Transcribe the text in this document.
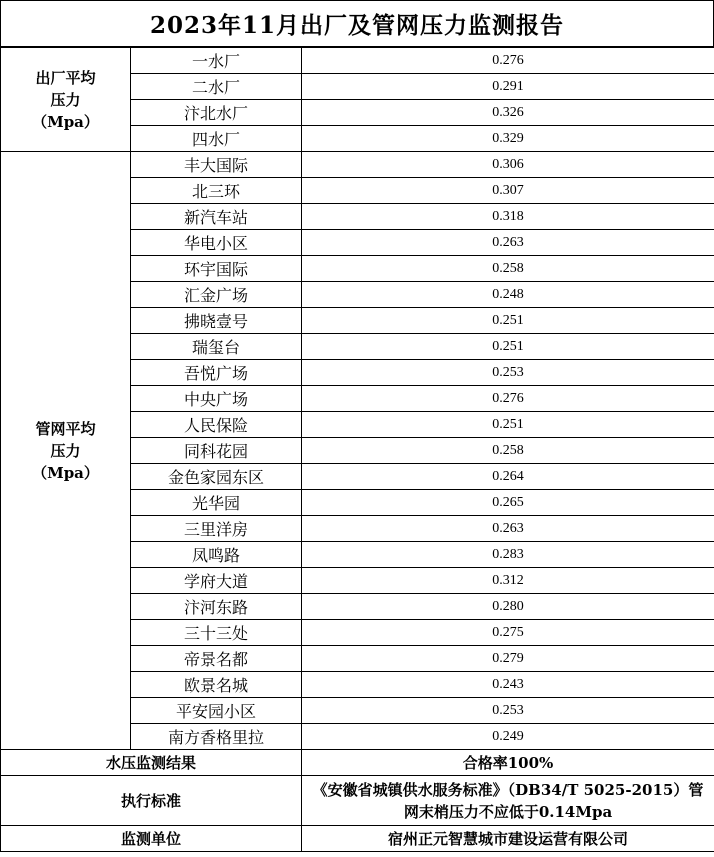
2023年11月出厂及管网压力监测报告
出厂平均
压力
（Mpa）	一水厂	0.276
	二水厂	0.291
	汴北水厂	0.326
	四水厂	0.329

管网平均
压力
（Mpa）	丰大国际	0.306
	北三环	0.307
	新汽车站	0.318
	华电小区	0.263
	环宇国际	0.258
	汇金广场	0.248
	拂晓壹号	0.251
	瑞玺台	0.251
	吾悦广场	0.253
	中央广场	0.276
	人民保险	0.251
	同科花园	0.258
	金色家园东区	0.264
	光华园	0.265
	三里洋房	0.263
	凤鸣路	0.283
	学府大道	0.312
	汴河东路	0.280
	三十三处	0.275
	帝景名都	0.279
	欧景名城	0.243
	平安园小区	0.253
	南方香格里拉	0.249
水压监测结果		合格率100%
执行标准		《安徽省城镇供水服务标准》（DB34/T 5025-2015）管网末梢压力不应低于0.14Mpa
监测单位		宿州正元智慧城市建设运营有限公司
